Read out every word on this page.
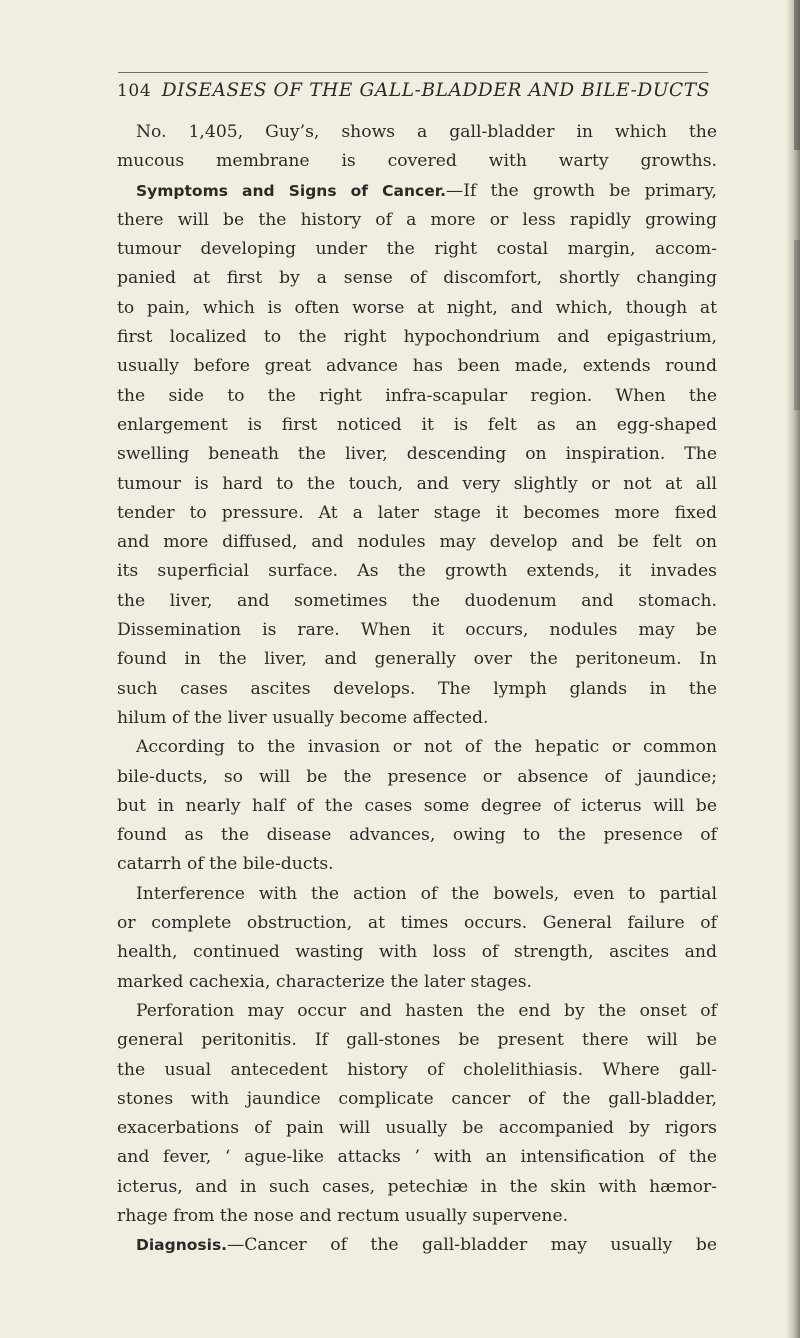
104 DISEASES OF THE GALL-BLADDER AND BILE-DUCTS
No. 1,405, Guy’s, shows a gall-bladder in which the
mucous membrane is covered with warty growths.
Symptoms and Signs of Cancer.—If the growth be primary,
there will be the history of a more or less rapidly growing
tumour developing under the right costal margin, accom-
panied at first by a sense of discomfort, shortly changing
to pain, which is often worse at night, and which, though at
first localized to the right hypochondrium and epigastrium,
usually before great advance has been made, extends round
the side to the right infra-scapular region. When the
enlargement is first noticed it is felt as an egg-shaped
swelling beneath the liver, descending on inspiration. The
tumour is hard to the touch, and very slightly or not at all
tender to pressure. At a later stage it becomes more fixed
and more diffused, and nodules may develop and be felt on
its superficial surface. As the growth extends, it invades
the liver, and sometimes the duodenum and stomach.
Dissemination is rare. When it occurs, nodules may be
found in the liver, and generally over the peritoneum. In
such cases ascites develops. The lymph glands in the
hilum of the liver usually become affected.
According to the invasion or not of the hepatic or common
bile-ducts, so will be the presence or absence of jaundice;
but in nearly half of the cases some degree of icterus will be
found as the disease advances, owing to the presence of
catarrh of the bile-ducts.
Interference with the action of the bowels, even to partial
or complete obstruction, at times occurs. General failure of
health, continued wasting with loss of strength, ascites and
marked cachexia, characterize the later stages.
Perforation may occur and hasten the end by the onset of
general peritonitis. If gall-stones be present there will be
the usual antecedent history of cholelithiasis. Where gall-
stones with jaundice complicate cancer of the gall-bladder,
exacerbations of pain will usually be accompanied by rigors
and fever, ‘ ague-like attacks ’ with an intensification of the
icterus, and in such cases, petechiæ in the skin with hæmor-
rhage from the nose and rectum usually supervene.
Diagnosis.—Cancer of the gall-bladder may usually be
